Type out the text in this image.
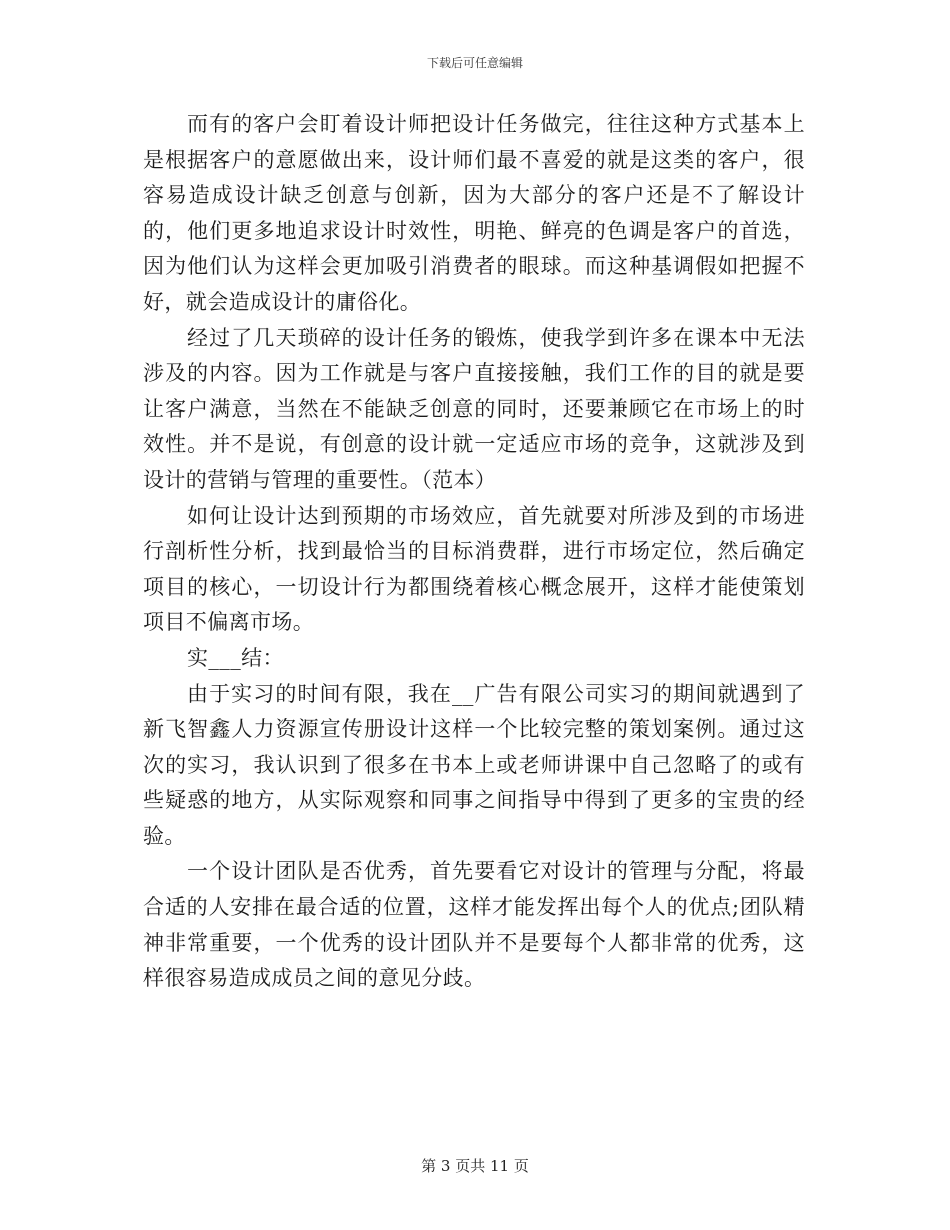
下载后可任意编辑

而有的客户会盯着设计师把设计任务做完，往往这种方式基本上是根据客户的意愿做出来，设计师们最不喜爱的就是这类的客户，很容易造成设计缺乏创意与创新，因为大部分的客户还是不了解设计的，他们更多地追求设计时效性，明艳、鲜亮的色调是客户的首选，因为他们认为这样会更加吸引消费者的眼球。而这种基调假如把握不好，就会造成设计的庸俗化。

经过了几天琐碎的设计任务的锻炼，使我学到许多在课本中无法涉及的内容。因为工作就是与客户直接接触，我们工作的目的就是要让客户满意，当然在不能缺乏创意的同时，还要兼顾它在市场上的时效性。并不是说，有创意的设计就一定适应市场的竞争，这就涉及到设计的营销与管理的重要性。（范本）

如何让设计达到预期的市场效应，首先就要对所涉及到的市场进行剖析性分析，找到最恰当的目标消费群，进行市场定位，然后确定项目的核心，一切设计行为都围绕着核心概念展开，这样才能使策划项目不偏离市场。

实___结：

由于实习的时间有限，我在__广告有限公司实习的期间就遇到了新飞智鑫人力资源宣传册设计这样一个比较完整的策划案例。通过这次的实习，我认识到了很多在书本上或老师讲课中自己忽略了的或有些疑惑的地方，从实际观察和同事之间指导中得到了更多的宝贵的经验。

一个设计团队是否优秀，首先要看它对设计的管理与分配，将最合适的人安排在最合适的位置，这样才能发挥出每个人的优点;团队精神非常重要，一个优秀的设计团队并不是要每个人都非常的优秀，这样很容易造成成员之间的意见分歧。

第 3 页共 11 页
